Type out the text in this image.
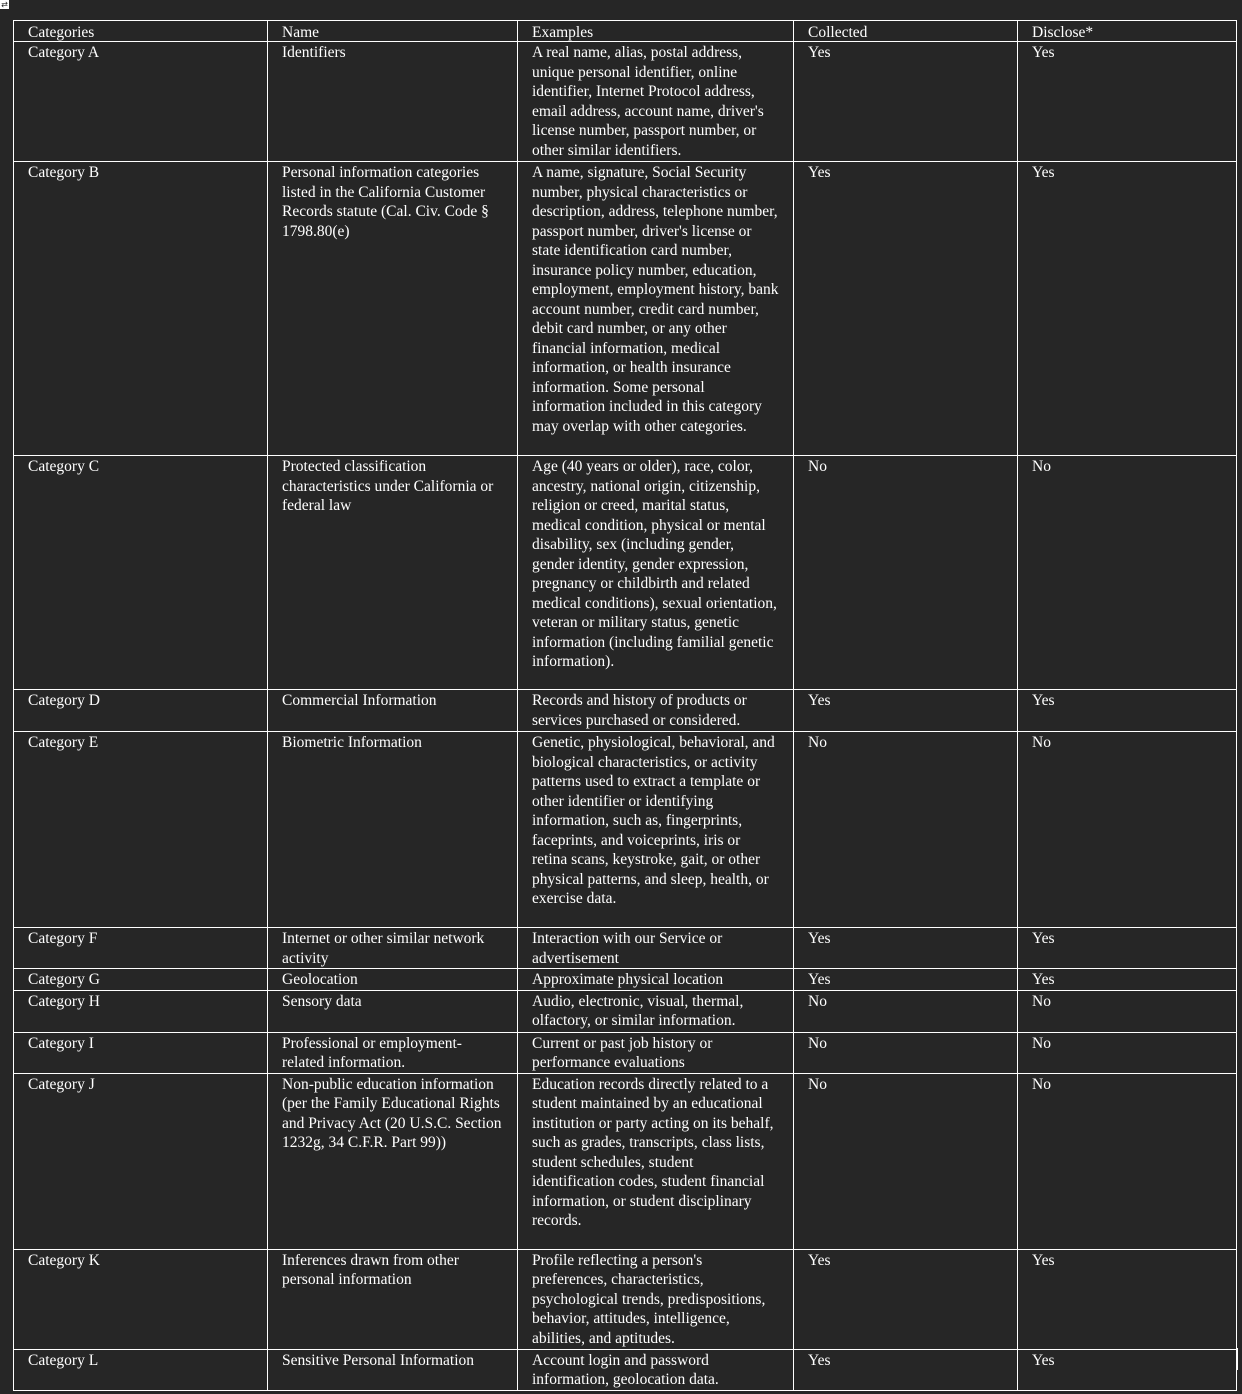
⇄
Categories	Name	Examples	Collected	Disclose*
Category A	Identifiers	A real name, alias, postal address, unique personal identifier, online identifier, Internet Protocol address, email address, account name, driver's license number, passport number, or other similar identifiers.	Yes	Yes
Category B	Personal information categories listed in the California Customer Records statute (Cal. Civ. Code § 1798.80(e)	A name, signature, Social Security number, physical characteristics or description, address, telephone number, passport number, driver's license or state identification card number, insurance policy number, education, employment, employment history, bank account number, credit card number, debit card number, or any other financial information, medical information, or health insurance information. Some personal information included in this category may overlap with other categories.	Yes	Yes
Category C	Protected classification characteristics under California or federal law	Age (40 years or older), race, color, ancestry, national origin, citizenship, religion or creed, marital status, medical condition, physical or mental disability, sex (including gender, gender identity, gender expression, pregnancy or childbirth and related medical conditions), sexual orientation, veteran or military status, genetic information (including familial genetic information).	No	No
Category D	Commercial Information	Records and history of products or services purchased or considered.	Yes	Yes
Category E	Biometric Information	Genetic, physiological, behavioral, and biological characteristics, or activity patterns used to extract a template or other identifier or identifying information, such as, fingerprints, faceprints, and voiceprints, iris or retina scans, keystroke, gait, or other physical patterns, and sleep, health, or exercise data.	No	No
Category F	Internet or other similar network activity	Interaction with our Service or advertisement	Yes	Yes
Category G	Geolocation	Approximate physical location	Yes	Yes
Category H	Sensory data	Audio, electronic, visual, thermal, olfactory, or similar information.	No	No
Category I	Professional or employment-related information.	Current or past job history or performance evaluations	No	No
Category J	Non-public education information (per the Family Educational Rights and Privacy Act (20 U.S.C. Section 1232g, 34 C.F.R. Part 99))	Education records directly related to a student maintained by an educational institution or party acting on its behalf, such as grades, transcripts, class lists, student schedules, student identification codes, student financial information, or student disciplinary records.	No	No
Category K	Inferences drawn from other personal information	Profile reflecting a person's preferences, characteristics, psychological trends, predispositions, behavior, attitudes, intelligence, abilities, and aptitudes.	Yes	Yes
Category L	Sensitive Personal Information	Account login and password information, geolocation data.	Yes	Yes
